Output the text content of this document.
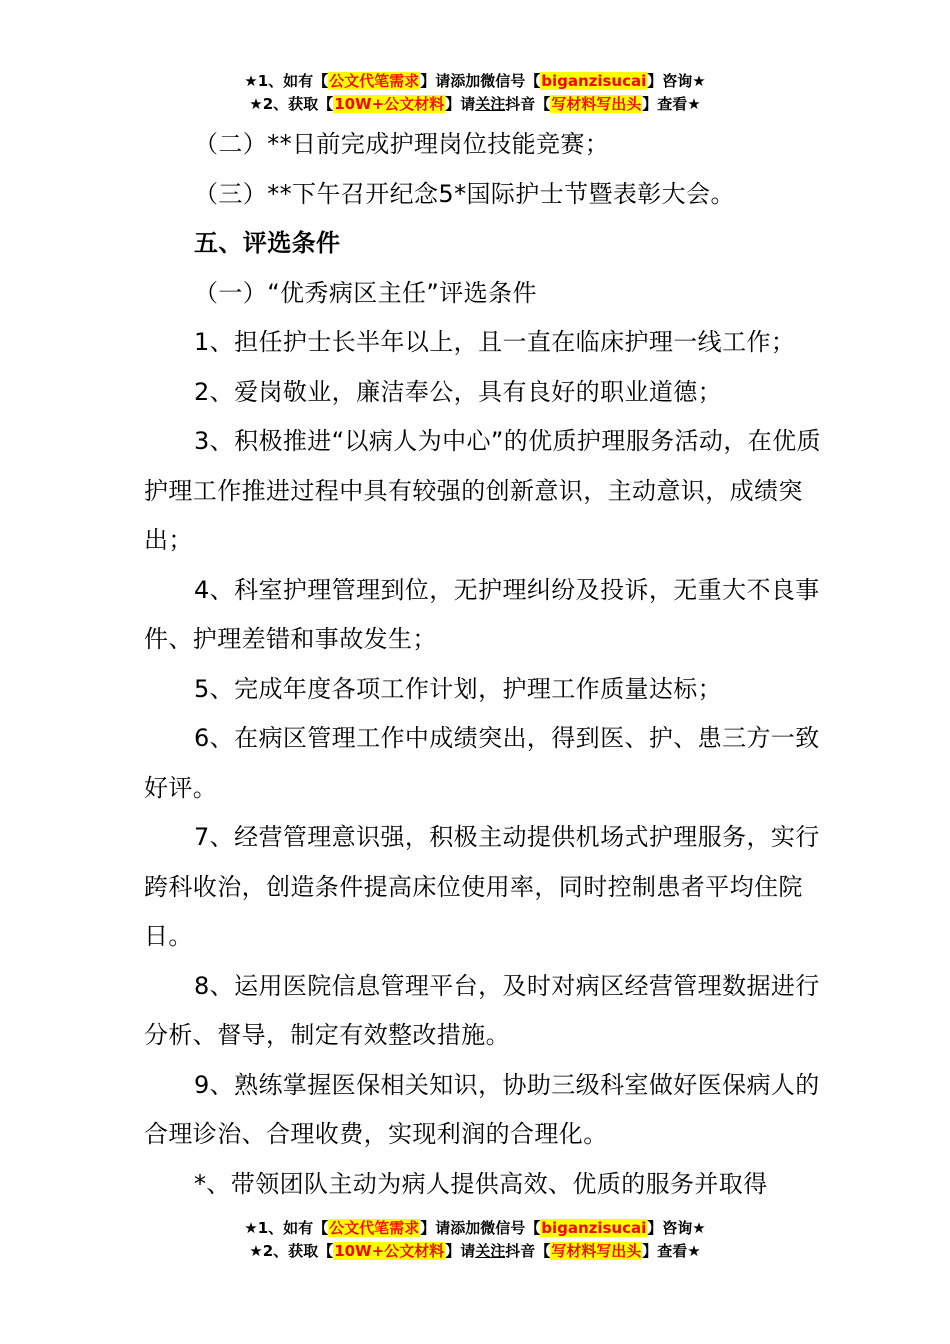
★1、如有【公文代笔需求】请添加微信号【biganzisucai】咨询★
★2、获取【10W+公文材料】请关注抖音【写材料写出头】查看★

（二）**日前完成护理岗位技能竞赛；

（三）**下午召开纪念5*国际护士节暨表彰大会。

五、评选条件

（一）“优秀病区主任”评选条件

1、担任护士长半年以上，且一直在临床护理一线工作；

2、爱岗敬业，廉洁奉公，具有良好的职业道德；

3、积极推进“以病人为中心”的优质护理服务活动，在优质护理工作推进过程中具有较强的创新意识，主动意识，成绩突出；

4、科室护理管理到位，无护理纠纷及投诉，无重大不良事件、护理差错和事故发生；

5、完成年度各项工作计划，护理工作质量达标；

6、在病区管理工作中成绩突出，得到医、护、患三方一致好评。

7、经营管理意识强，积极主动提供机场式护理服务，实行跨科收治，创造条件提高床位使用率，同时控制患者平均住院日。

8、运用医院信息管理平台，及时对病区经营管理数据进行分析、督导，制定有效整改措施。

9、熟练掌握医保相关知识，协助三级科室做好医保病人的合理诊治、合理收费，实现利润的合理化。

*、带领团队主动为病人提供高效、优质的服务并取得

★1、如有【公文代笔需求】请添加微信号【biganzisucai】咨询★
★2、获取【10W+公文材料】请关注抖音【写材料写出头】查看★
